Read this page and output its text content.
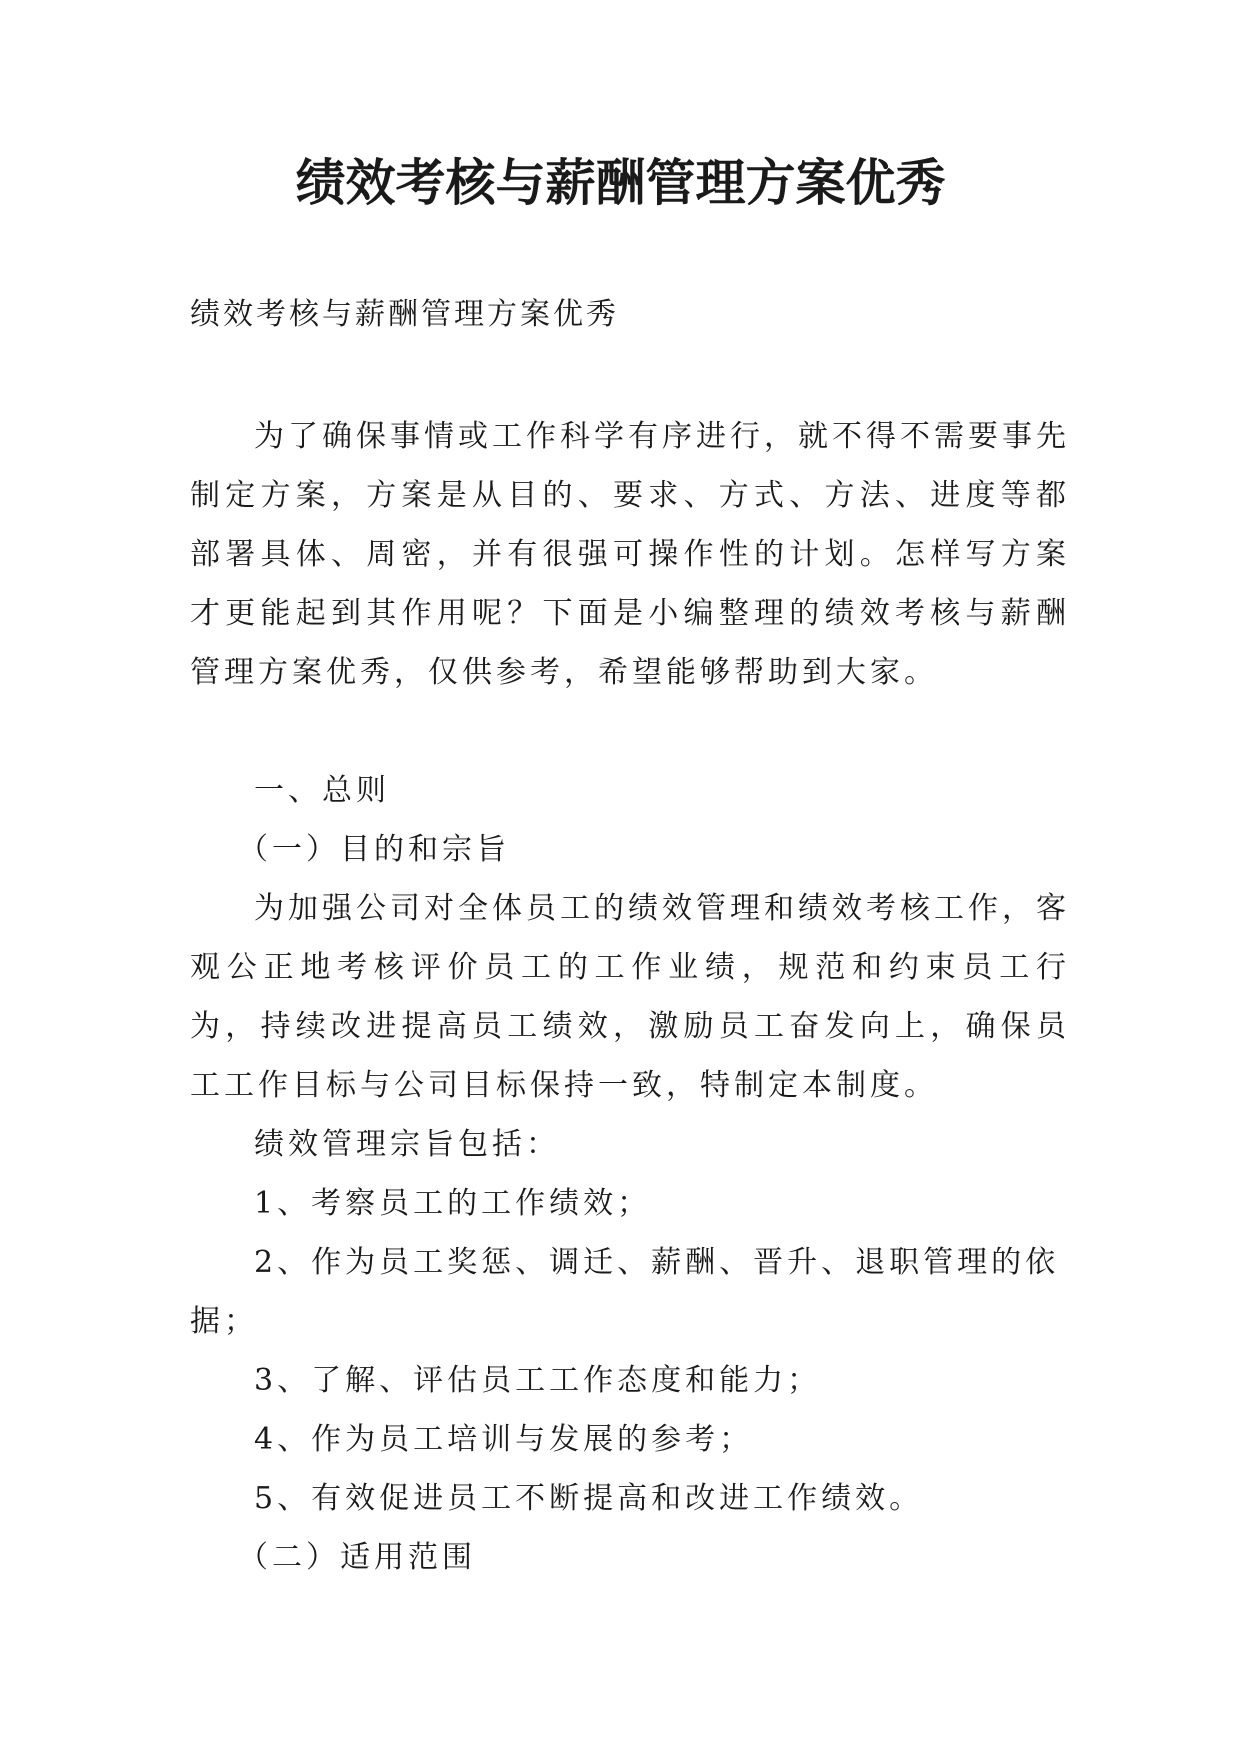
绩效考核与薪酬管理方案优秀
绩效考核与薪酬管理方案优秀

为了确保事情或工作科学有序进行，就不得不需要事先制定方案，方案是从目的、要求、方式、方法、进度等都部署具体、周密，并有很强可操作性的计划。怎样写方案才更能起到其作用呢？下面是小编整理的绩效考核与薪酬管理方案优秀，仅供参考，希望能够帮助到大家。

一、总则

（一）目的和宗旨

为加强公司对全体员工的绩效管理和绩效考核工作，客观公正地考核评价员工的工作业绩，规范和约束员工行为，持续改进提高员工绩效，激励员工奋发向上，确保员工工作目标与公司目标保持一致，特制定本制度。

绩效管理宗旨包括：

1、考察员工的工作绩效；

2、作为员工奖惩、调迁、薪酬、晋升、退职管理的依据；

3、了解、评估员工工作态度和能力；

4、作为员工培训与发展的参考；

5、有效促进员工不断提高和改进工作绩效。

（二）适用范围
